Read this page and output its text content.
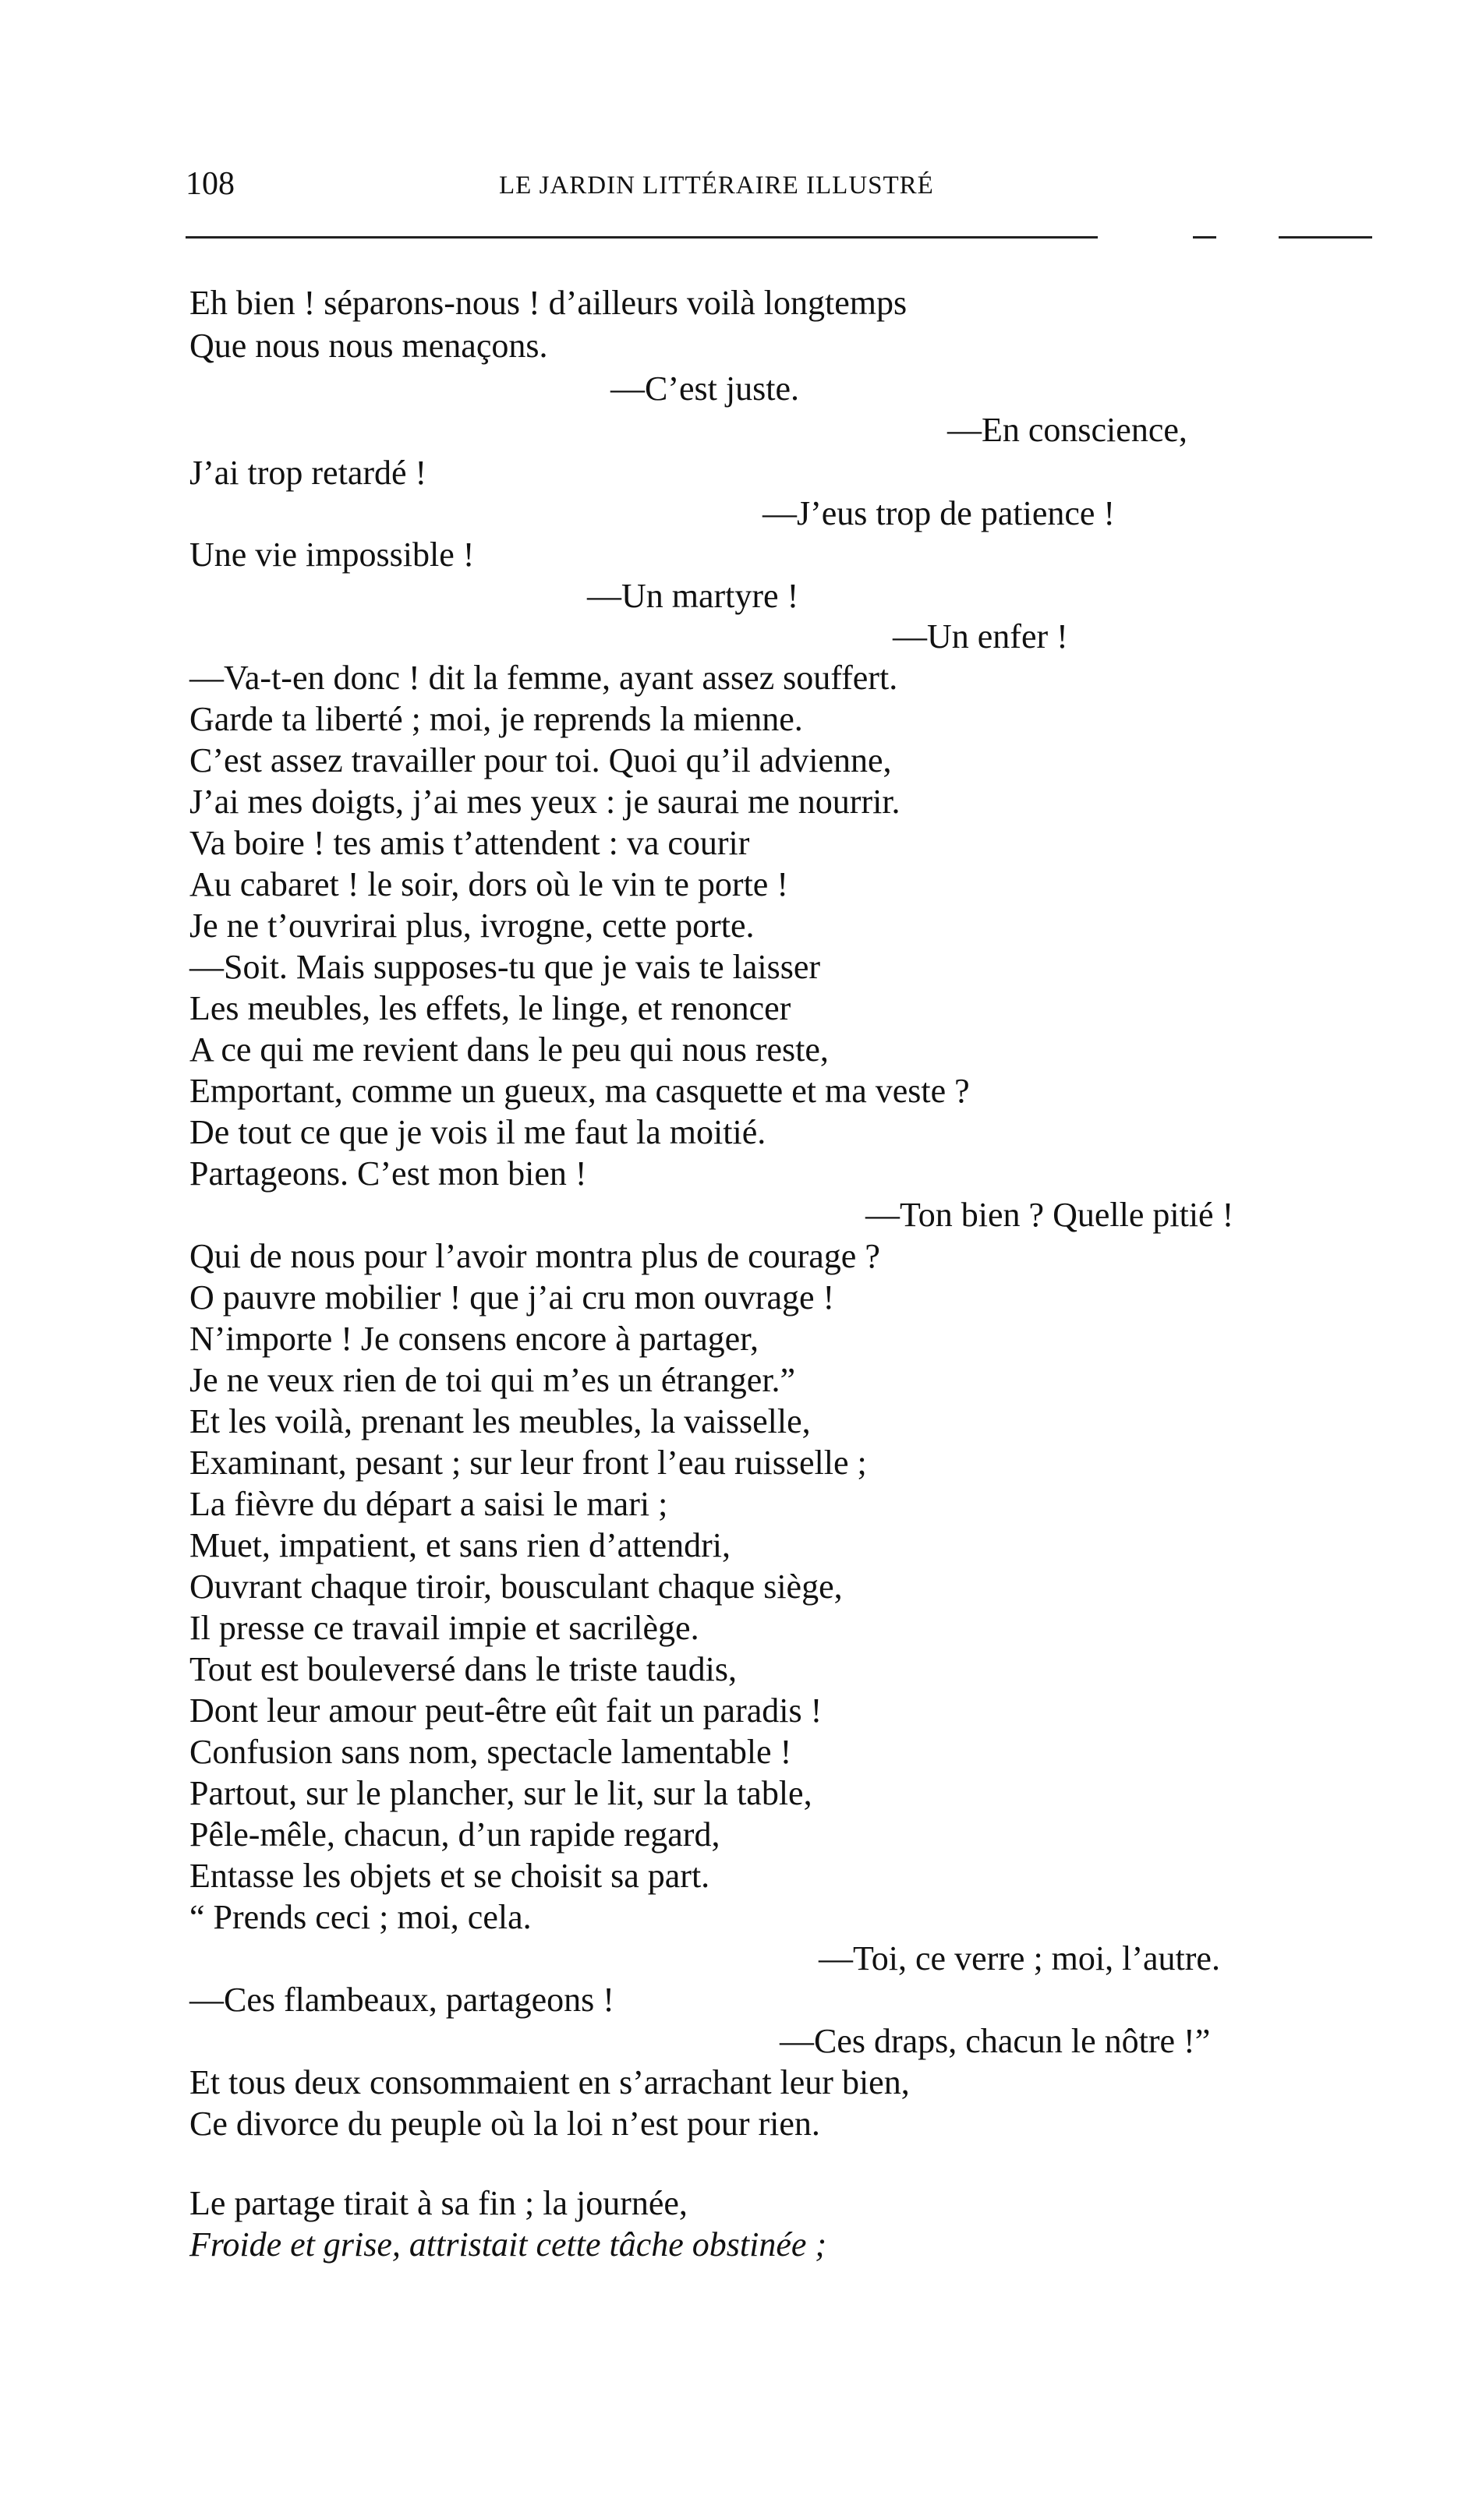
108	LE JARDIN LITTÉRAIRE ILLUSTRÉ
Eh bien ! séparons-nous ! d’ailleurs voilà longtemps
Que nous nous menaçons.
—C’est juste.
—En conscience,
J’ai trop retardé !
—J’eus trop de patience !
Une vie impossible !
—Un martyre !
—Un enfer !
—Va-t-en donc ! dit la femme, ayant assez souffert.
Garde ta liberté ; moi, je reprends la mienne.
C’est assez travailler pour toi. Quoi qu’il advienne,
J’ai mes doigts, j’ai mes yeux : je saurai me nourrir.
Va boire ! tes amis t’attendent : va courir
Au cabaret ! le soir, dors où le vin te porte !
Je ne t’ouvrirai plus, ivrogne, cette porte.
—Soit. Mais supposes-tu que je vais te laisser
Les meubles, les effets, le linge, et renoncer
A ce qui me revient dans le peu qui nous reste,
Emportant, comme un gueux, ma casquette et ma veste ?
De tout ce que je vois il me faut la moitié.
Partageons. C’est mon bien !
—Ton bien ? Quelle pitié !
Qui de nous pour l’avoir montra plus de courage ?
O pauvre mobilier ! que j’ai cru mon ouvrage !
N’importe ! Je consens encore à partager,
Je ne veux rien de toi qui m’es un étranger.”
Et les voilà, prenant les meubles, la vaisselle,
Examinant, pesant ; sur leur front l’eau ruisselle ;
La fièvre du départ a saisi le mari ;
Muet, impatient, et sans rien d’attendri,
Ouvrant chaque tiroir, bousculant chaque siège,
Il presse ce travail impie et sacrilège.
Tout est bouleversé dans le triste taudis,
Dont leur amour peut-être eût fait un paradis !
Confusion sans nom, spectacle lamentable !
Partout, sur le plancher, sur le lit, sur la table,
Pêle-mêle, chacun, d’un rapide regard,
Entasse les objets et se choisit sa part.
“ Prends ceci ; moi, cela.
—Toi, ce verre ; moi, l’autre.
—Ces flambeaux, partageons !
—Ces draps, chacun le nôtre !”
Et tous deux consommaient en s’arrachant leur bien,
Ce divorce du peuple où la loi n’est pour rien.
Le partage tirait à sa fin ; la journée,
Froide et grise, attristait cette tâche obstinée ;
